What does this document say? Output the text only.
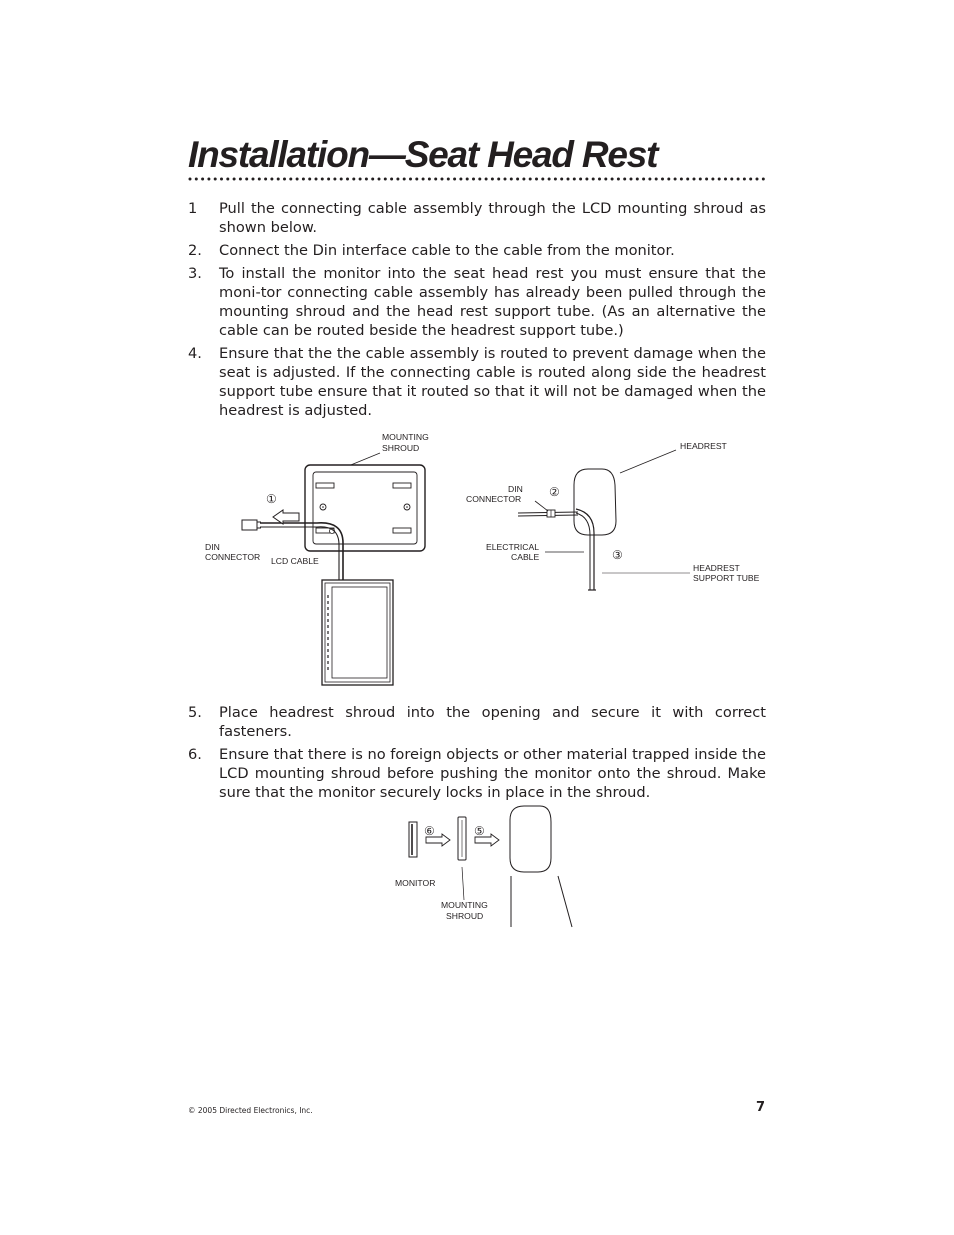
Installation—Seat Head Rest
1 Pull the connecting cable assembly through the LCD mounting shroud as shown below.
2. Connect the Din interface cable to the cable from the monitor.
3. To install the monitor into the seat head rest you must ensure that the moni-tor connecting cable assembly has already been pulled through the mounting shroud and the head rest support tube. (As an alternative the cable can be routed beside the headrest support tube.)
4. Ensure that the the cable assembly is routed to prevent damage when the seat is adjusted. If the connecting cable is routed along side the headrest support tube ensure that it routed so that it will not be damaged when the headrest is adjusted.
MOUNTING
SHROUD
①
DIN
CONNECTOR LCD CABLE
HEADREST
DIN
CONNECTOR ②
ELECTRICAL
CABLE	③
HEADREST
SUPPORT TUBE
5. Place headrest shroud into the opening and secure it with correct fasteners.
6. Ensure that there is no foreign objects or other material trapped inside the LCD mounting shroud before pushing the monitor onto the shroud. Make sure that the monitor securely locks in place in the shroud.
⑥	⑤
MONITOR
MOUNTING
SHROUD
© 2005 Directed Electronics, Inc.	7
